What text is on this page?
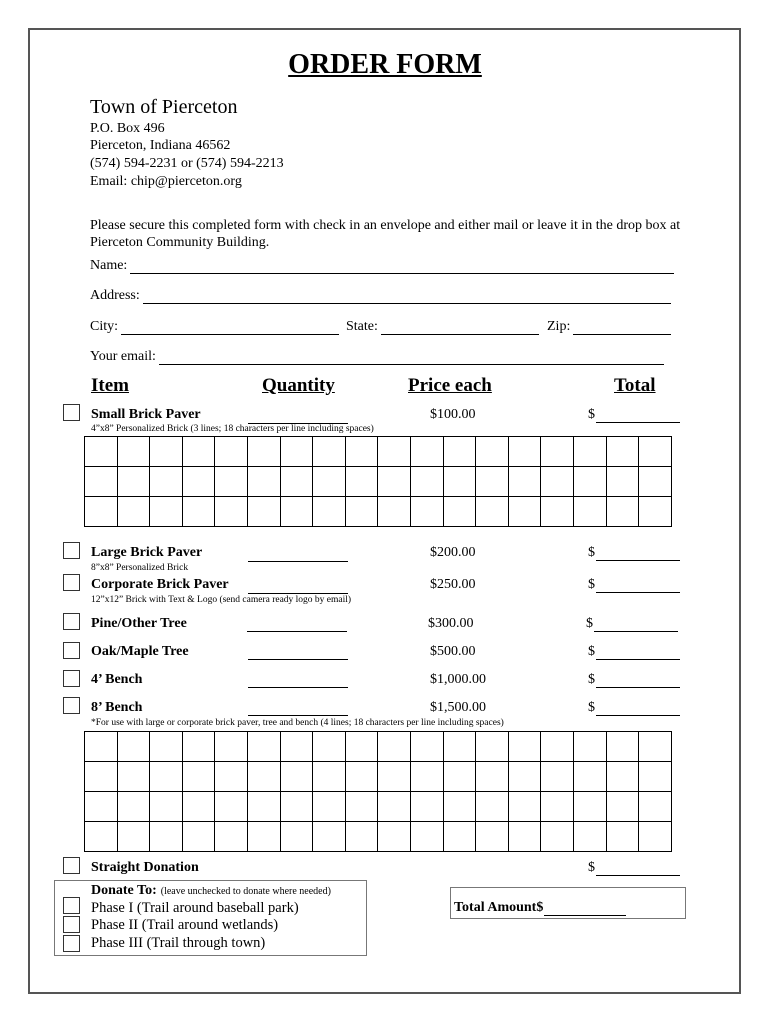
ORDER FORM
Town of Pierceton
P.O. Box 496
Pierceton, Indiana 46562
(574) 594-2231 or (574) 594-2213
Email: chip@pierceton.org
Please secure this completed form with check in an envelope and either mail or leave it in the drop box at Pierceton Community Building.
Name:
Address:
City:	State:	Zip:
Your email:
Item	Quantity	Price each	Total
Small Brick Paver	$100.00	$
4”x8” Personalized Brick (3 lines; 18 characters per line including spaces)

Large Brick Paver	$200.00	$
8”x8” Personalized Brick
Corporate Brick Paver	$250.00	$
12”x12” Brick with Text & Logo (send camera ready logo by email)
Pine/Other Tree	$300.00	$
Oak/Maple Tree	$500.00	$
4’ Bench	$1,000.00	$
8’ Bench	$1,500.00	$
*For use with large or corporate brick paver, tree and bench (4 lines; 18 characters per line including spaces)

Straight Donation	$
Donate To: (leave unchecked to donate where needed)
Phase I (Trail around baseball park)
Phase II (Trail around wetlands)
Phase III (Trail through town)
Total Amount$
